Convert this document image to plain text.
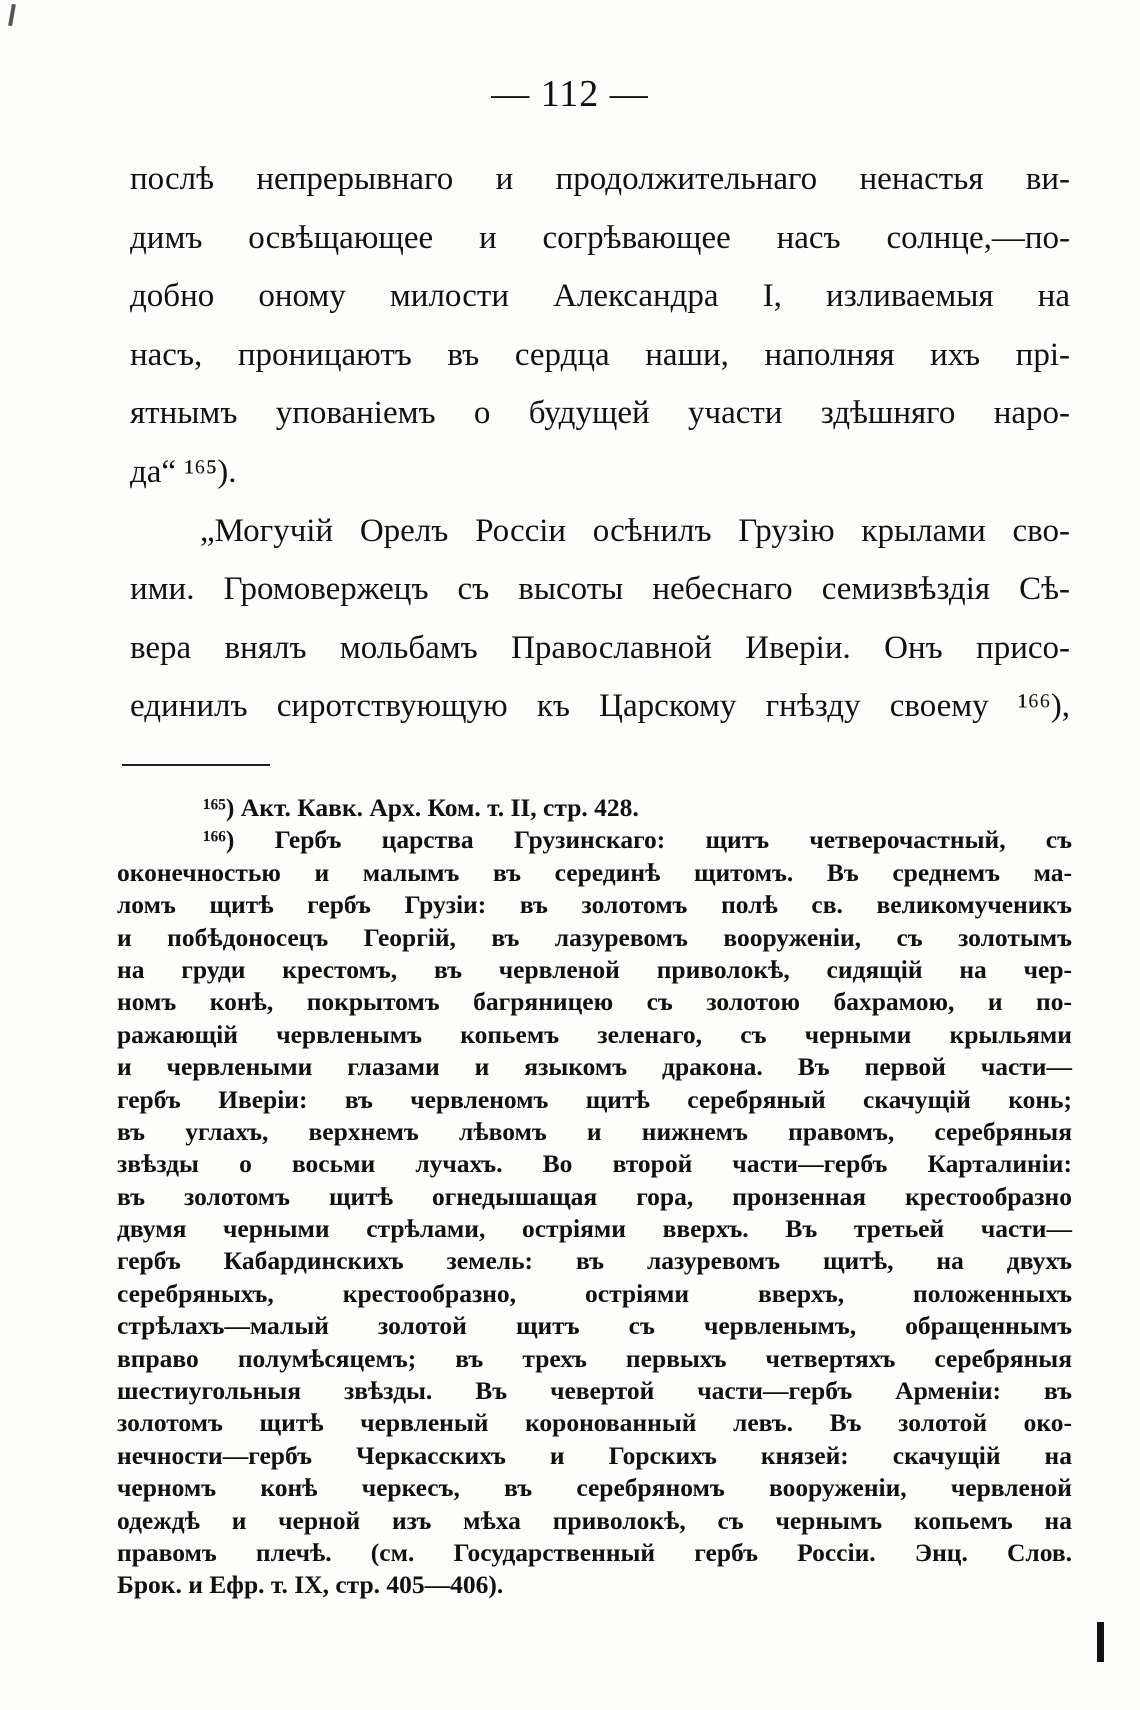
— 112 —
послѣ непрерывнаго и продолжительнаго ненастья ви-
димъ освѣщающее и согрѣвающее насъ солнце,—по-
добно оному милости Александра I, изливаемыя на
насъ, проницаютъ въ сердца наши, наполняя ихъ прі-
ятнымъ упованіемъ о будущей участи здѣшняго наро-
да“ ¹⁶⁵).
„Могучій Орелъ Россіи осѣнилъ Грузію крылами сво-
ими. Громовержецъ съ высоты небеснаго семизвѣздія Сѣ-
вера внялъ мольбамъ Православной Иверіи. Онъ присо-
единилъ сиротствующую къ Царскому гнѣзду своему ¹⁶⁶),
¹⁶⁵) Акт. Кавк. Арх. Ком. т. II, стр. 428.
¹⁶⁶) Гербъ царства Грузинскаго: щитъ четверочастный, съ
оконечностью и малымъ въ серединѣ щитомъ. Въ среднемъ ма-
ломъ щитѣ гербъ Грузіи: въ золотомъ полѣ св. великомученикъ
и побѣдоносецъ Георгій, въ лазуревомъ вооруженіи, съ золотымъ
на груди крестомъ, въ червленой приволокѣ, сидящій на чер-
номъ конѣ, покрытомъ багряницею съ золотою бахрамою, и по-
ражающій червленымъ копьемъ зеленаго, съ черными крыльями
и червлеными глазами и языкомъ дракона. Въ первой части—
гербъ Иверіи: въ червленомъ щитѣ серебряный скачущій конь;
въ углахъ, верхнемъ лѣвомъ и нижнемъ правомъ, серебряныя
звѣзды о восьми лучахъ. Во второй части—гербъ Карталиніи:
въ золотомъ щитѣ огнедышащая гора, пронзенная крестообразно
двумя черными стрѣлами, остріями вверхъ. Въ третьей части—
гербъ Кабардинскихъ земель: въ лазуревомъ щитѣ, на двухъ
серебряныхъ, крестообразно, остріями вверхъ, положенныхъ
стрѣлахъ—малый золотой щитъ съ червленымъ, обращеннымъ
вправо полумѣсяцемъ; въ трехъ первыхъ четвертяхъ серебряныя
шестиугольныя звѣзды. Въ чевертой части—гербъ Арменіи: въ
золотомъ щитѣ червленый коронованный левъ. Въ золотой око-
нечности—гербъ Черкасскихъ и Горскихъ князей: скачущій на
черномъ конѣ черкесъ, въ серебряномъ вооруженіи, червленой
одеждѣ и черной изъ мѣха приволокѣ, съ чернымъ копьемъ на
правомъ плечѣ. (см. Государственный гербъ Россіи. Энц. Слов.
Брок. и Ефр. т. IX, стр. 405—406).
